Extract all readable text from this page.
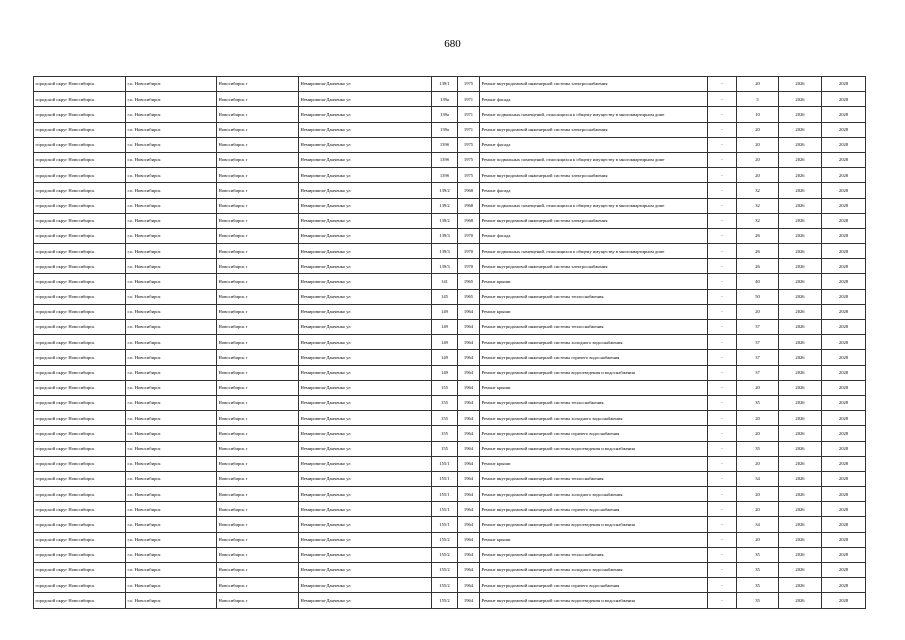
680
городской округ Новосибирск	г.о. Новосибирск	Новосибирск г	Немировича-Данченко ул	139/1	1975	Ремонт внутридомовой инженерной системы электроснабжения	-	20	2026	2028
городской округ Новосибирск	г.о. Новосибирск	Новосибирск г	Немировича-Данченко ул	139а	1971	Ремонт фасада	-	5	2026	2028
городской округ Новосибирск	г.о. Новосибирск	Новосибирск г	Немировича-Данченко ул	139а	1971	Ремонт подвальных помещений, относящихся к общему имуществу в многоквартирном доме	-	10	2026	2028
городской округ Новосибирск	г.о. Новосибирск	Новосибирск г	Немировича-Данченко ул	139а	1971	Ремонт внутридомовой инженерной системы электроснабжения	-	20	2026	2028
городской округ Новосибирск	г.о. Новосибирск	Новосибирск г	Немировича-Данченко ул	139б	1975	Ремонт фасада	-	20	2026	2028
городской округ Новосибирск	г.о. Новосибирск	Новосибирск г	Немировича-Данченко ул	139б	1975	Ремонт подвальных помещений, относящихся к общему имуществу в многоквартирном доме	-	20	2026	2028
городской округ Новосибирск	г.о. Новосибирск	Новосибирск г	Немировича-Данченко ул	139б	1975	Ремонт внутридомовой инженерной системы электроснабжения	-	20	2026	2028
городской округ Новосибирск	г.о. Новосибирск	Новосибирск г	Немировича-Данченко ул	139/2	1968	Ремонт фасада	-	32	2026	2028
городской округ Новосибирск	г.о. Новосибирск	Новосибирск г	Немировича-Данченко ул	139/2	1968	Ремонт подвальных помещений, относящихся к общему имуществу в многоквартирном доме	-	32	2026	2028
городской округ Новосибирск	г.о. Новосибирск	Новосибирск г	Немировича-Данченко ул	139/2	1968	Ремонт внутридомовой инженерной системы электроснабжения	-	32	2026	2028
городской округ Новосибирск	г.о. Новосибирск	Новосибирск г	Немировича-Данченко ул	139/3	1970	Ремонт фасада	-	26	2026	2028
городской округ Новосибирск	г.о. Новосибирск	Новосибирск г	Немировича-Данченко ул	139/3	1970	Ремонт подвальных помещений, относящихся к общему имуществу в многоквартирном доме	-	26	2026	2028
городской округ Новосибирск	г.о. Новосибирск	Новосибирск г	Немировича-Данченко ул	139/3	1970	Ремонт внутридомовой инженерной системы электроснабжения	-	26	2026	2028
городской округ Новосибирск	г.о. Новосибирск	Новосибирск г	Немировича-Данченко ул	141	1965	Ремонт крыши	-	40	2026	2028
городской округ Новосибирск	г.о. Новосибирск	Новосибирск г	Немировича-Данченко ул	145	1965	Ремонт внутридомовой инженерной системы теплоснабжения	-	50	2026	2028
городской округ Новосибирск	г.о. Новосибирск	Новосибирск г	Немировича-Данченко ул	149	1964	Ремонт крыши	-	20	2026	2028
городской округ Новосибирск	г.о. Новосибирск	Новосибирск г	Немировича-Данченко ул	149	1964	Ремонт внутридомовой инженерной системы теплоснабжения	-	37	2026	2028
городской округ Новосибирск	г.о. Новосибирск	Новосибирск г	Немировича-Данченко ул	149	1964	Ремонт внутридомовой инженерной системы холодного водоснабжения	-	37	2026	2028
городской округ Новосибирск	г.о. Новосибирск	Новосибирск г	Немировича-Данченко ул	149	1964	Ремонт внутридомовой инженерной системы горячего водоснабжения	-	37	2026	2028
городской округ Новосибирск	г.о. Новосибирск	Новосибирск г	Немировича-Данченко ул	149	1964	Ремонт внутридомовой инженерной системы водоотведения и водоснабжения	-	37	2026	2028
городской округ Новосибирск	г.о. Новосибирск	Новосибирск г	Немировича-Данченко ул	155	1964	Ремонт крыши	-	20	2026	2028
городской округ Новосибирск	г.о. Новосибирск	Новосибирск г	Немировича-Данченко ул	155	1964	Ремонт внутридомовой инженерной системы теплоснабжения	-	35	2026	2028
городской округ Новосибирск	г.о. Новосибирск	Новосибирск г	Немировича-Данченко ул	155	1964	Ремонт внутридомовой инженерной системы холодного водоснабжения	-	20	2026	2028
городской округ Новосибирск	г.о. Новосибирск	Новосибирск г	Немировича-Данченко ул	155	1964	Ремонт внутридомовой инженерной системы горячего водоснабжения	-	20	2026	2028
городской округ Новосибирск	г.о. Новосибирск	Новосибирск г	Немировича-Данченко ул	155	1964	Ремонт внутридомовой инженерной системы водоотведения и водоснабжения	-	35	2026	2028
городской округ Новосибирск	г.о. Новосибирск	Новосибирск г	Немировича-Данченко ул	155/1	1964	Ремонт крыши	-	20	2026	2028
городской округ Новосибирск	г.о. Новосибирск	Новосибирск г	Немировича-Данченко ул	155/1	1964	Ремонт внутридомовой инженерной системы теплоснабжения	-	34	2026	2028
городской округ Новосибирск	г.о. Новосибирск	Новосибирск г	Немировича-Данченко ул	155/1	1964	Ремонт внутридомовой инженерной системы холодного водоснабжения	-	20	2026	2028
городской округ Новосибирск	г.о. Новосибирск	Новосибирск г	Немировича-Данченко ул	155/1	1964	Ремонт внутридомовой инженерной системы горячего водоснабжения	-	20	2026	2028
городской округ Новосибирск	г.о. Новосибирск	Новосибирск г	Немировича-Данченко ул	155/1	1964	Ремонт внутридомовой инженерной системы водоотведения и водоснабжения	-	34	2026	2028
городской округ Новосибирск	г.о. Новосибирск	Новосибирск г	Немировича-Данченко ул	155/2	1964	Ремонт крыши	-	20	2026	2028
городской округ Новосибирск	г.о. Новосибирск	Новосибирск г	Немировича-Данченко ул	155/2	1964	Ремонт внутридомовой инженерной системы теплоснабжения	-	35	2026	2028
городской округ Новосибирск	г.о. Новосибирск	Новосибирск г	Немировича-Данченко ул	155/2	1964	Ремонт внутридомовой инженерной системы холодного водоснабжения	-	35	2026	2028
городской округ Новосибирск	г.о. Новосибирск	Новосибирск г	Немировича-Данченко ул	155/2	1964	Ремонт внутридомовой инженерной системы горячего водоснабжения	-	35	2026	2028
городской округ Новосибирск	г.о. Новосибирск	Новосибирск г	Немировича-Данченко ул	155/2	1964	Ремонт внутридомовой инженерной системы водоотведения и водоснабжения	-	35	2026	2028
